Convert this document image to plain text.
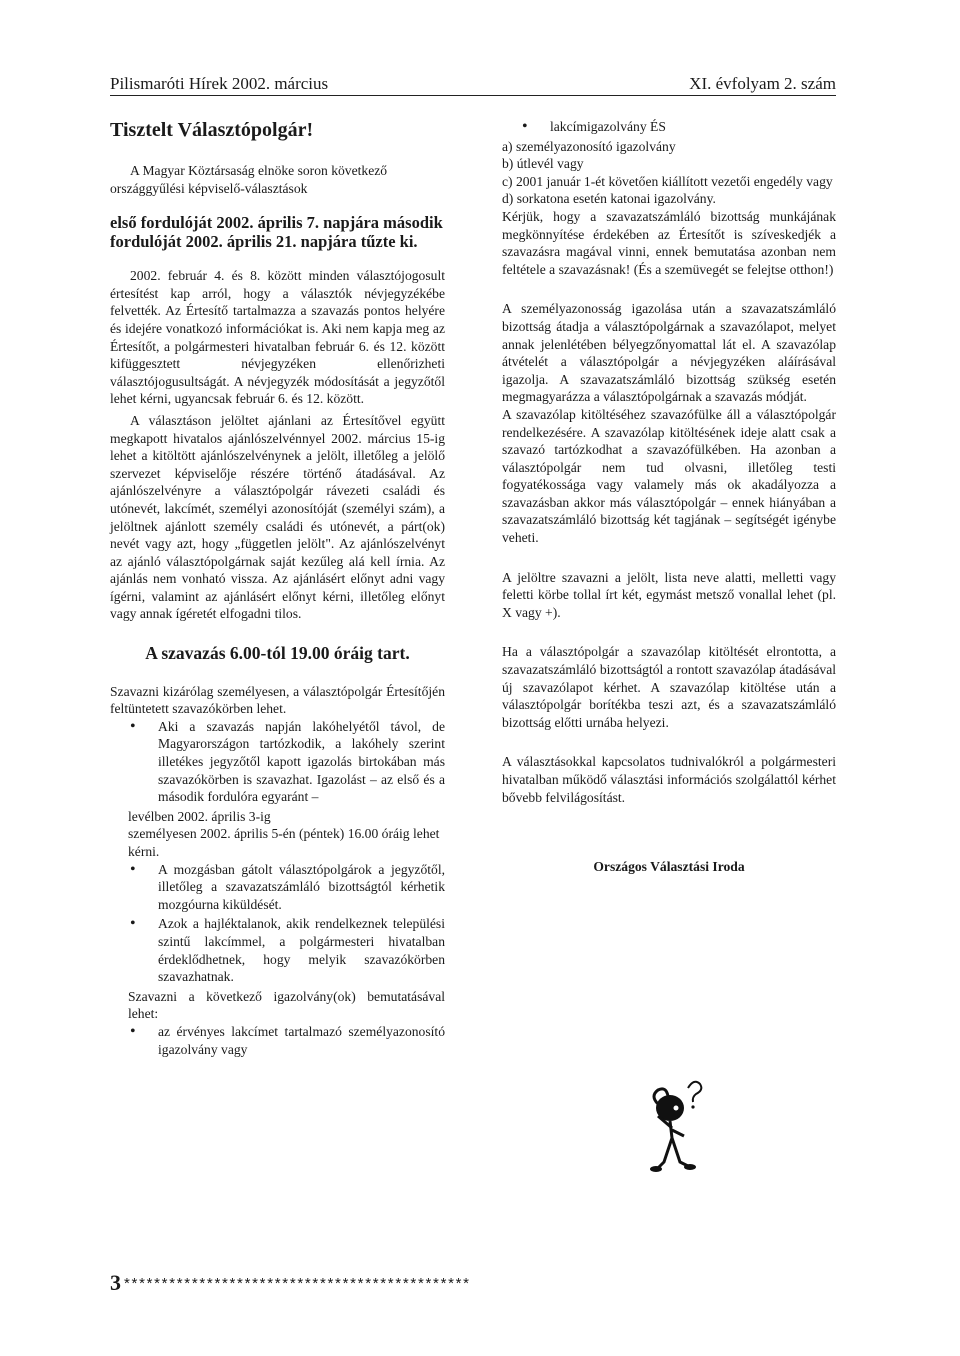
Pilismaróti Hírek 2002. március	XI. évfolyam 2. szám
Tisztelt Választópolgár!

A Magyar Köztársaság elnöke soron következő országgyűlési képviselő-választások

első fordulóját 2002. április 7. napjára második fordulóját 2002. április 21. napjára tűzte ki.

2002. február 4. és 8. között minden választójogosult értesítést kap arról, hogy a választók névjegyzékébe felvették. Az Értesítő tartalmazza a szavazás pontos helyére és idejére vonatkozó információkat is. Aki nem kapja meg az Értesítőt, a polgármesteri hivatalban február 6. és 12. között kifüggesztett névjegyzéken ellenőrizheti választójogusultságát. A névjegyzék módosítását a jegyzőtől lehet kérni, ugyancsak február 6. és 12. között.

A választáson jelöltet ajánlani az Értesítővel együtt megkapott hivatalos ajánlószelvénnyel 2002. március 15-ig lehet a kitöltött ajánlószelvénynek a jelölt, illetőleg a jelölő szervezet képviselője részére történő átadásával. Az ajánlószelvényre a választópolgár rávezeti családi és utónevét, lakcímét, személyi azonosítóját (személyi szám), a jelöltnek ajánlott személy családi és utónevét, a párt(ok) nevét vagy azt, hogy „független jelölt". Az ajánlószelvényt az ajánló választópolgárnak saját kezűleg alá kell írnia. Az ajánlás nem vonható vissza. Az ajánlásért előnyt adni vagy ígérni, valamint az ajánlásért előnyt kérni, illetőleg előnyt vagy annak ígéretét elfogadni tilos.

A szavazás 6.00-tól 19.00 óráig tart.

Szavazni kizárólag személyesen, a választópolgár Értesítőjén feltüntetett szavazókörben lehet.

• Aki a szavazás napján lakóhelyétől távol, de Magyarországon tartózkodik, a lakóhely szerint illetékes jegyzőtől kapott igazolás birtokában más szavazókörben is szavazhat. Igazolást – az első és a második fordulóra egyaránt –

levélben 2002. április 3-ig

személyesen 2002. április 5-én (péntek) 16.00 óráig lehet kérni.

• A mozgásban gátolt választópolgárok a jegyzőtől, illetőleg a szavazatszámláló bizottságtól kérhetik mozgóurna kiküldését.
• Azok a hajléktalanok, akik rendelkeznek települési szintű lakcímmel, a polgármesteri hivatalban érdeklődhetnek, hogy melyik szavazókörben szavazhatnak.

Szavazni a következő igazolvány(ok) bemutatásával lehet:

• az érvényes lakcímet tartalmazó személyazonosító igazolvány vagy
• lakcímigazolvány ÉS

a) személyazonosító igazolvány

b) útlevél vagy

c) 2001 január 1-ét követően kiállított vezetői engedély vagy

d) sorkatona esetén katonai igazolvány.

Kérjük, hogy a szavazatszámláló bizottság munkájának megkönnyítése érdekében az Értesítőt is szíveskedjék a szavazásra magával vinni, ennek bemutatása azonban nem feltétele a szavazásnak! (És a szemüvegét se felejtse otthon!)

A személyazonosság igazolása után a szavazatszámláló bizottság átadja a választópolgárnak a szavazólapot, melyet annak jelenlétében bélyegzőnyomattal lát el. A szavazólap átvételét a választópolgár a névjegyzéken aláírásával igazolja. A szavazatszámláló bizottság szükség esetén megmagyarázza a választópolgárnak a szavazás módját.

A szavazólap kitöltéséhez szavazófülke áll a választópolgár rendelkezésére. A szavazólap kitöltésének ideje alatt csak a szavazó tartózkodhat a szavazófülkében. Ha azonban a választópolgár nem tud olvasni, illetőleg testi fogyatékossága vagy valamely más ok akadályozza a szavazásban akkor más választópolgár – ennek hiányában a szavazatszámláló bizottság két tagjának – segítségét igénybe veheti.

A jelöltre szavazni a jelölt, lista neve alatti, melletti vagy feletti körbe tollal írt két, egymást metsző vonallal lehet (pl. X vagy +).

Ha a választópolgár a szavazólap kitöltését elrontotta, a szavazatszámláló bizottságtól a rontott szavazólap átadásával új szavazólapot kérhet. A szavazólap kitöltése után a választópolgár borítékba teszi azt, és a szavazatszámláló bizottság előtti urnába helyezi.

A választásokkal kapcsolatos tudnivalókról a polgármesteri hivatalban működő választási információs szolgálattól kérhet bővebb felvilágosítást.

Országos Választási Iroda

3 **********************************************
